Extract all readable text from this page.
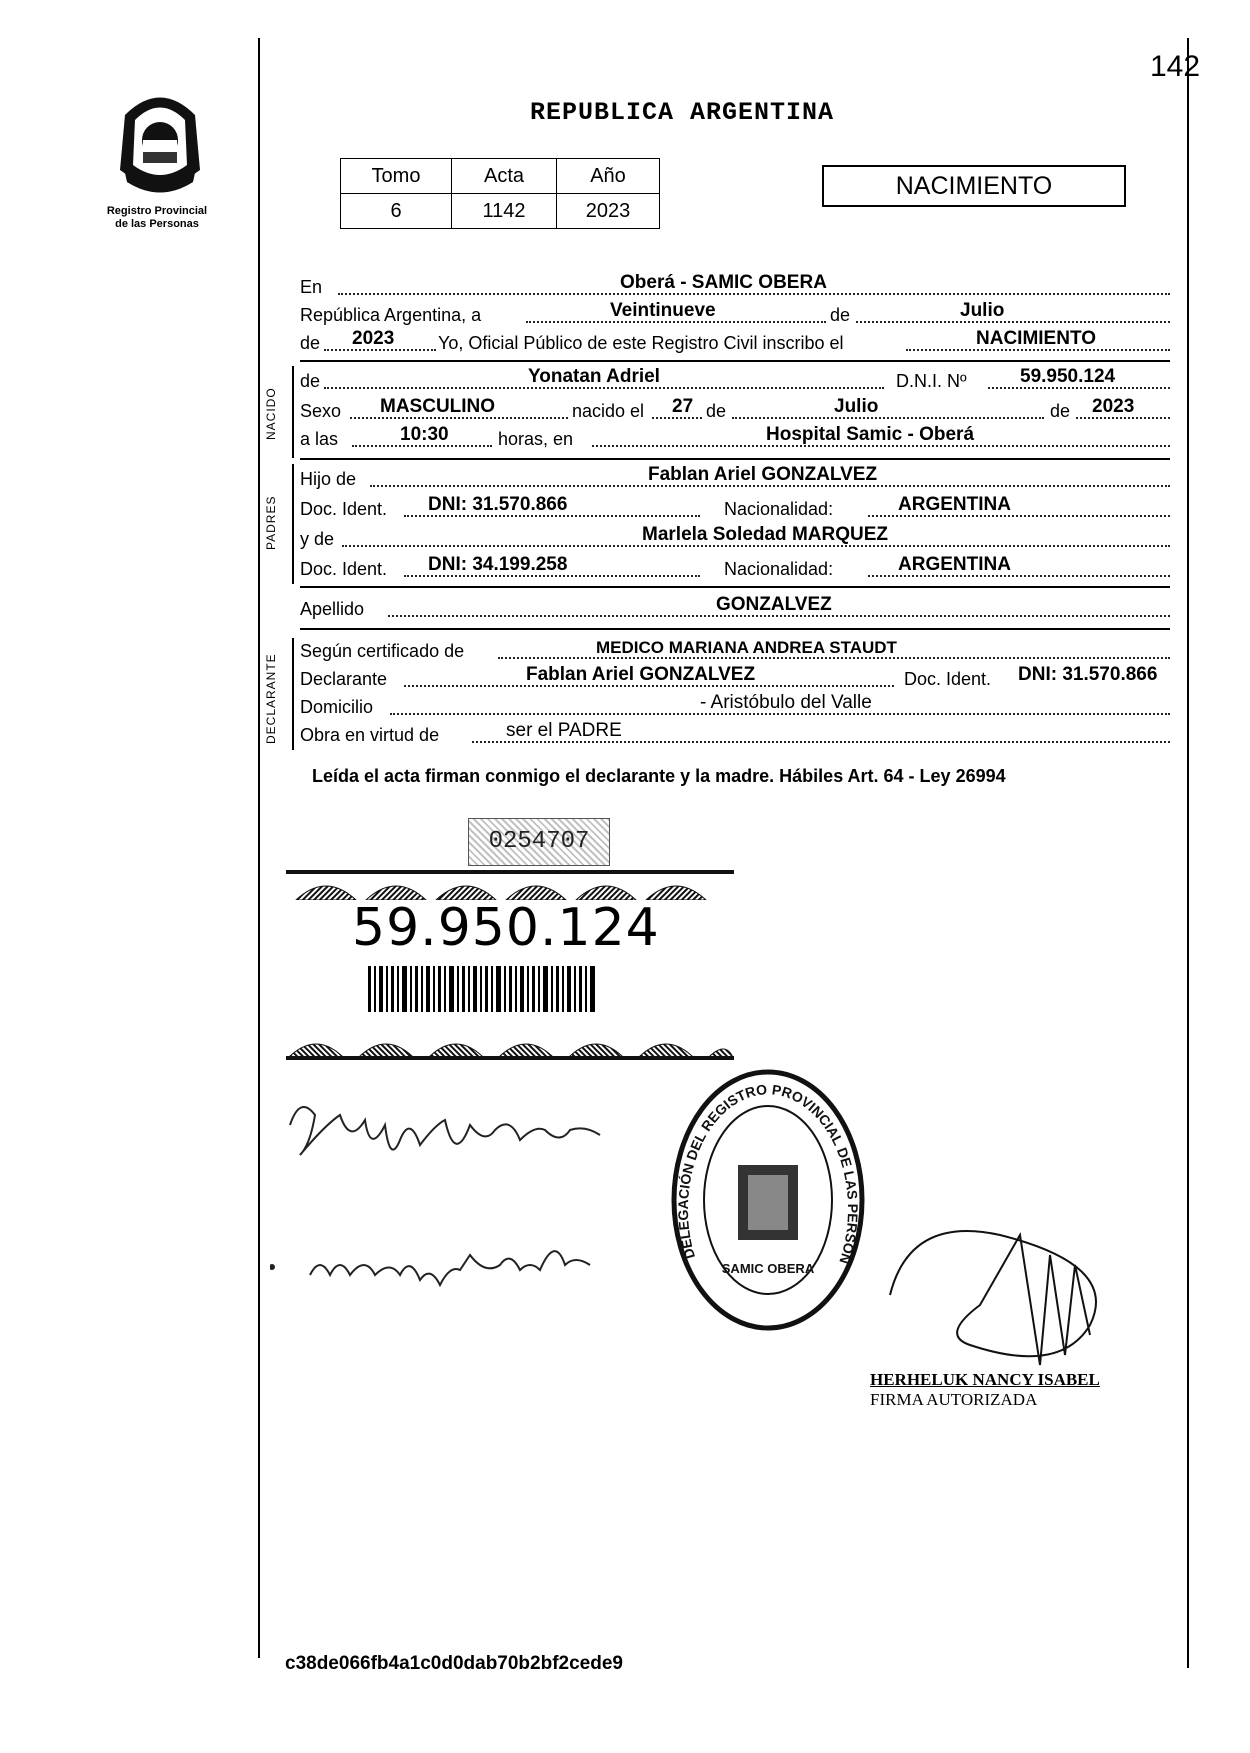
142
Registro Provincial
de las Personas
REPUBLICA ARGENTINA
Tomo	Acta	Año
6	1142	2023
NACIMIENTO
En	Oberá - SAMIC OBERA
República Argentina, a	Veintinueve	de	Julio
de 2023 Yo, Oficial Público de este Registro Civil inscribo el	NACIMIENTO
NACIDO
de	Yonatan Adriel	D.N.I. Nº	59.950.124
Sexo MASCULINO	nacido el 27 de	Julio	de 2023
a las	10:30	horas, en	Hospital Samic - Oberá
PADRES
Hijo de	Fablan Ariel GONZALVEZ
Doc. Ident. DNI: 31.570.866	Nacionalidad:	ARGENTINA
y de	Marlela Soledad MARQUEZ
Doc. Ident. DNI: 34.199.258	Nacionalidad:	ARGENTINA
Apellido	GONZALVEZ
DECLARANTE
Según certificado de	MEDICO MARIANA ANDREA STAUDT
Declarante	Fablan Ariel GONZALVEZ	Doc. Ident. DNI: 31.570.866
Domicilio	- Aristóbulo del Valle
Obra en virtud de	ser el PADRE
Leída el acta firman conmigo el declarante y la madre. Hábiles Art. 64 - Ley 26994
0254707
59.950.124
DELEGACIÓN DEL REGISTRO PROVINCIAL DE LAS PERSON
SAMIC OBERA
HERHELUK NANCY ISABEL
FIRMA AUTORIZADA
c38de066fb4a1c0d0dab70b2bf2cede9
